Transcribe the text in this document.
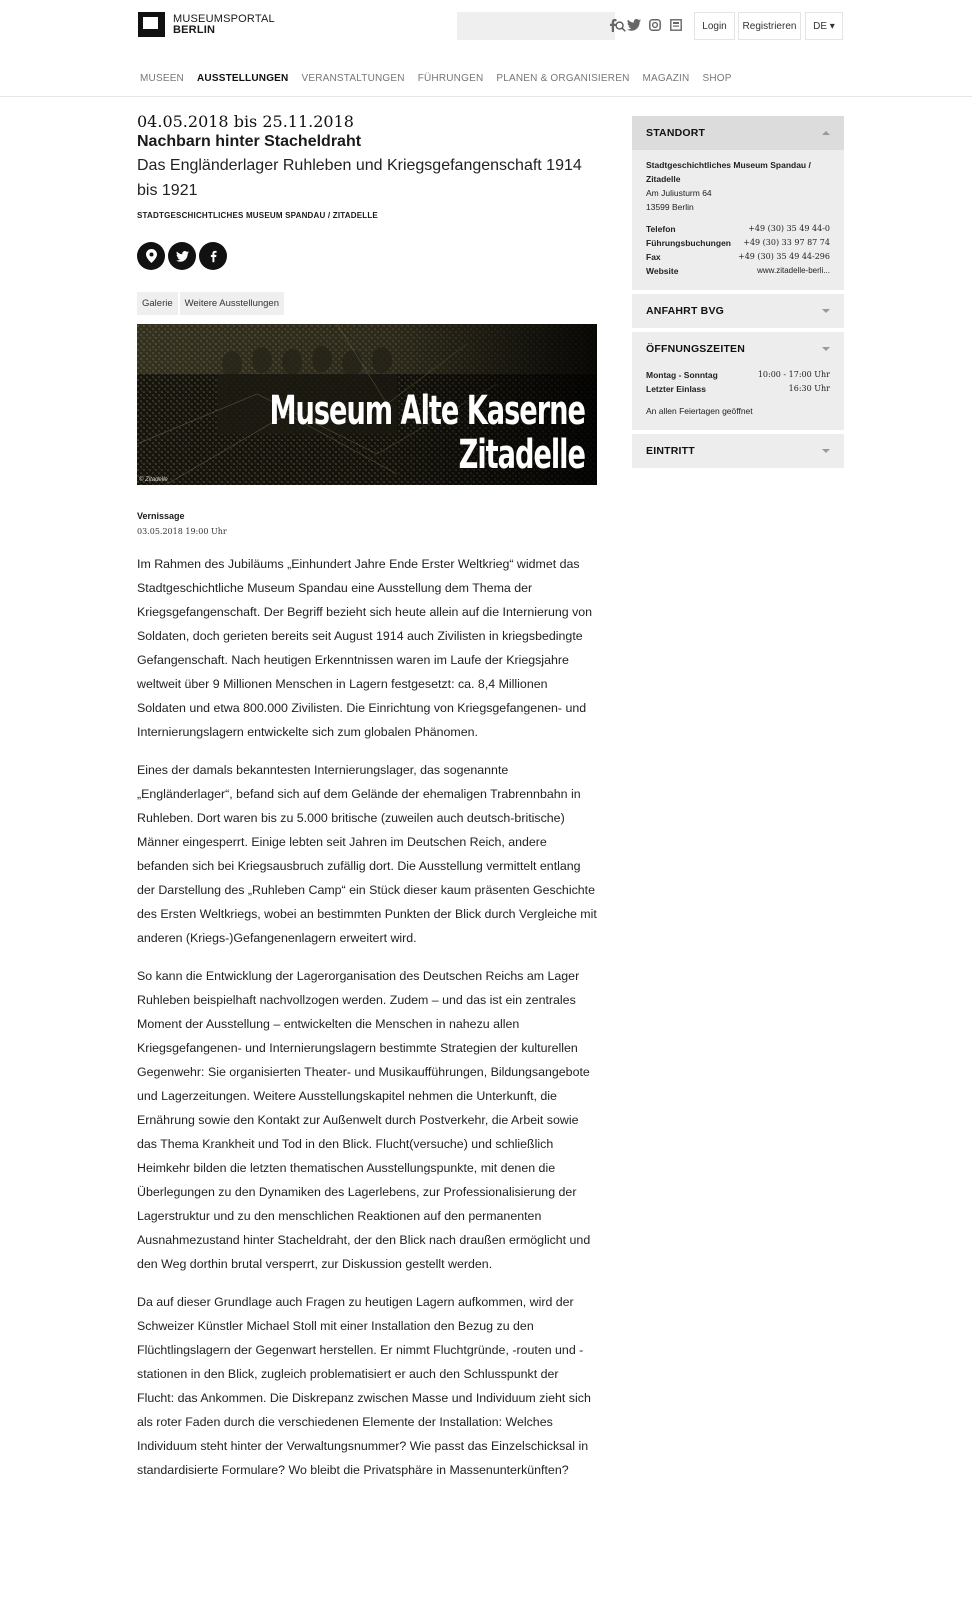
MUSEUMSPORTAL
BERLIN	Login	Registrieren	DE ▾
MUSEEN AUSSTELLUNGEN VERANSTALTUNGEN FÜHRUNGEN PLANEN & ORGANISIEREN MAGAZIN SHOP
04.05.2018 bis 25.11.2018
Nachbarn hinter Stacheldraht
Das Engländerlager Ruhleben und Kriegsgefangenschaft 1914 bis 1921
STADTGESCHICHTLICHES MUSEUM SPANDAU / ZITADELLE
Galerie	Weitere Ausstellungen
Museum Alte Kaserne
Zitadelle
© Zitadelle
Vernissage
03.05.2018 19:00 Uhr

Im Rahmen des Jubiläums „Einhundert Jahre Ende Erster Weltkrieg“ widmet das Stadtgeschichtliche Museum Spandau eine Ausstellung dem Thema der Kriegsgefangenschaft. Der Begriff bezieht sich heute allein auf die Internierung von Soldaten, doch gerieten bereits seit August 1914 auch Zivilisten in kriegsbedingte Gefangenschaft. Nach heutigen Erkenntnissen waren im Laufe der Kriegsjahre weltweit über 9 Millionen Menschen in Lagern festgesetzt: ca. 8,4 Millionen Soldaten und etwa 800.000 Zivilisten. Die Einrichtung von Kriegsgefangenen- und Internierungslagern entwickelte sich zum globalen Phänomen.

Eines der damals bekanntesten Internierungslager, das sogenannte „Engländerlager“, befand sich auf dem Gelände der ehemaligen Trabrennbahn in Ruhleben. Dort waren bis zu 5.000 britische (zuweilen auch deutsch-britische) Männer eingesperrt. Einige lebten seit Jahren im Deutschen Reich, andere befanden sich bei Kriegsausbruch zufällig dort. Die Ausstellung vermittelt entlang der Darstellung des „Ruhleben Camp“ ein Stück dieser kaum präsenten Geschichte des Ersten Weltkriegs, wobei an bestimmten Punkten der Blick durch Vergleiche mit anderen (Kriegs-)Gefangenenlagern erweitert wird.

So kann die Entwicklung der Lagerorganisation des Deutschen Reichs am Lager Ruhleben beispielhaft nachvollzogen werden. Zudem – und das ist ein zentrales Moment der Ausstellung – entwickelten die Menschen in nahezu allen Kriegsgefangenen- und Internierungslagern bestimmte Strategien der kulturellen Gegenwehr: Sie organisierten Theater- und Musikaufführungen, Bildungsangebote und Lagerzeitungen. Weitere Ausstellungskapitel nehmen die Unterkunft, die Ernährung sowie den Kontakt zur Außenwelt durch Postverkehr, die Arbeit sowie das Thema Krankheit und Tod in den Blick. Flucht(versuche) und schließlich Heimkehr bilden die letzten thematischen Ausstellungspunkte, mit denen die Überlegungen zu den Dynamiken des Lagerlebens, zur Professionalisierung der Lagerstruktur und zu den menschlichen Reaktionen auf den permanenten Ausnahmezustand hinter Stacheldraht, der den Blick nach draußen ermöglicht und den Weg dorthin brutal versperrt, zur Diskussion gestellt werden.

Da auf dieser Grundlage auch Fragen zu heutigen Lagern aufkommen, wird der Schweizer Künstler Michael Stoll mit einer Installation den Bezug zu den Flüchtlingslagern der Gegenwart herstellen. Er nimmt Fluchtgründe, -routen und -stationen in den Blick, zugleich problematisiert er auch den Schlusspunkt der Flucht: das Ankommen. Die Diskrepanz zwischen Masse und Individuum zieht sich als roter Faden durch die verschiedenen Elemente der Installation: Welches Individuum steht hinter der Verwaltungsnummer? Wie passt das Einzelschicksal in standardisierte Formulare? Wo bleibt die Privatsphäre in Massenunterkünften?

STANDORT
Stadtgeschichtliches Museum Spandau / Zitadelle
Am Juliusturm 64
13599 Berlin
Telefon	+49 (30) 35 49 44-0
Führungsbuchungen +49 (30) 33 97 87 74
Fax	+49 (30) 35 49 44-296
Website	www.zitadelle-berli...
ANFAHRT BVG
ÖFFNUNGSZEITEN
Montag - Sonntag	10:00 - 17:00 Uhr
Letzter Einlass	16:30 Uhr
An allen Feiertagen geöffnet
EINTRITT
